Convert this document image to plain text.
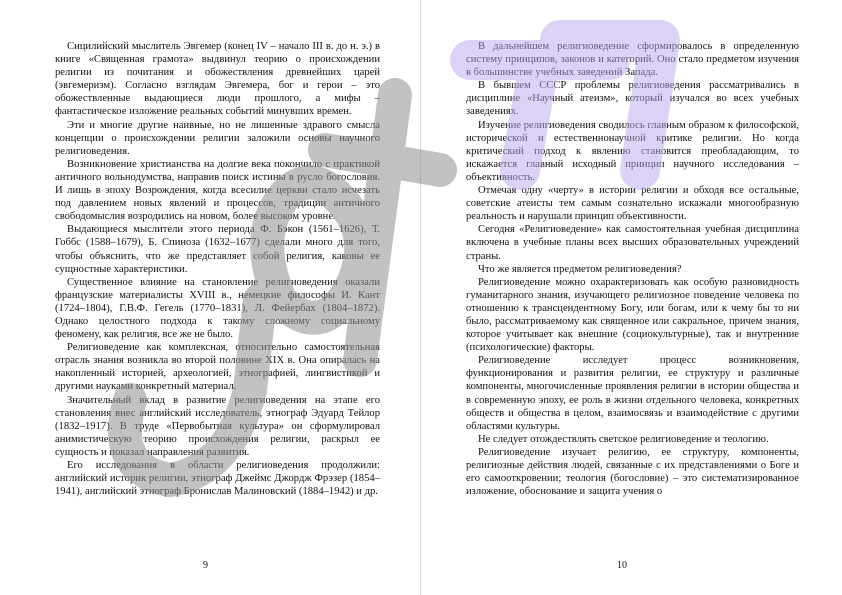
Сицилийский мыслитель Эвгемер (конец IV – начало III в. до н. э.) в книге «Священная грамота» выдвинул теорию о происхождении религии из почитания и обожествления древнейших царей (эвгемеризм). Согласно взглядам Эвгемера, бог и герои – это обожествленные выдающиеся люди прошлого, а мифы – фантастическое изложение реальных событий минувших времен.

Эти и многие другие наивные, но не лишенные здравого смысла концепции о происхождении религии заложили основы научного религиоведения.

Возникновение христианства на долгие века покончило с практикой античного вольнодумства, направив поиск истины в русло богословия. И лишь в эпоху Возрождения, когда всесилие церкви стало исчезать под давлением новых явлений и процессов, традиции античного свободомыслия возродились на новом, более высоком уровне.

Выдающиеся мыслители этого периода Ф. Бэкон (1561–1626), Т. Гоббс (1588–1679), Б. Спиноза (1632–1677) сделали много для того, чтобы объяснить, что же представляет собой религия, каковы ее сущностные характеристики.

Существенное влияние на становление религиоведения оказали французские материалисты XVIII в., немецкие философы И. Кант (1724–1804), Г.В.Ф. Гегель (1770–1831), Л. Фейербах (1804–1872). Однако целостного подхода к такому сложному социальному феномену, как религия, все же не было.

Религиоведение как комплексная, относительно самостоятельная отрасль знания возникла во второй половине XIX в. Она опиралась на накопленный историей, археологией, этнографией, лингвистикой и другими науками конкретный материал.

Значительный вклад в развитие религиоведения на этапе его становления внес английский исследователь, этнограф Эдуард Тейлор (1832–1917). В труде «Первобытная культура» он сформулировал анимистическую теорию происхождения религии, раскрыл ее сущность и показал направления развития.

Его исследования в области религиоведения продолжили: английский историк религии, этнограф Джеймс Джордж Фрэзер (1854–1941), английский этнограф Бронислав Малиновский (1884–1942) и др.

9

В дальнейшем религиоведение сформировалось в определенную систему принципов, законов и категорий. Оно стало предметом изучения в большинстве учебных заведений Запада.

В бывшем СССР проблемы религиоведения рассматривались в дисциплине «Научный атеизм», который изучался во всех учебных заведениях.

Изучение религиоведения сводилось главным образом к философской, исторической и естественнонаучной критике религии. Но когда критический подход к явлению становится преобладающим, то искажается главный исходный принцип научного исследования – объективность.

Отмечая одну «черту» в истории религии и обходя все остальные, советские атеисты тем самым сознательно искажали многообразную реальность и нарушали принцип объективности.

Сегодня «Религиоведение» как самостоятельная учебная дисциплина включена в учебные планы всех высших образовательных учреждений страны.

Что же является предметом религиоведения?

Религиоведение можно охарактеризовать как особую разновидность гуманитарного знания, изучающего религиозное поведение человека по отношению к трансцендентному Богу, или богам, или к чему бы то ни было, рассматриваемому как священное или сакральное, причем знания, которое учитывает как внешние (социокультурные), так и внутренние (психологические) факторы.

Религиоведение исследует процесс возникновения, функционирования и развития религии, ее структуру и различные компоненты, многочисленные проявления религии в истории общества и в современную эпоху, ее роль в жизни отдельного человека, конкретных обществ и общества в целом, взаимосвязь и взаимодействие с другими областями культуры.

Не следует отождествлять светское религиоведение и теологию.

Религиоведение изучает религию, ее структуру, компоненты, религиозные действия людей, связанные с их представлениями о Боге и его самооткровении; теология (богословие) – это систематизированное изложение, обоснование и защита учения о

10
